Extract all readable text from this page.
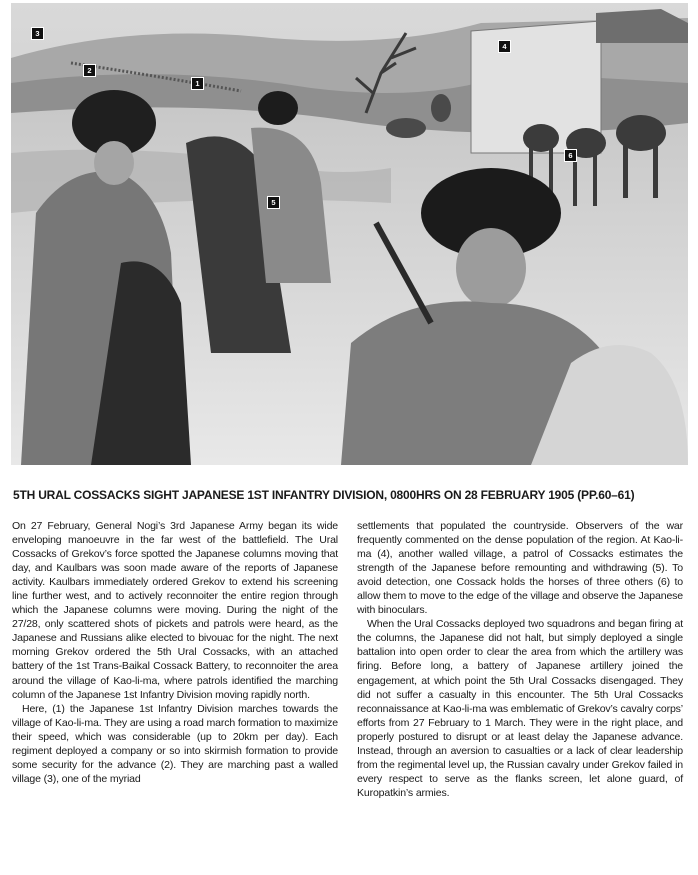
3
2
1
4
5
6
5TH URAL COSSACKS SIGHT JAPANESE 1ST INFANTRY DIVISION, 0800HRS ON 28 FEBRUARY 1905 (PP.60–61)

On 27 February, General Nogi’s 3rd Japanese Army began its wide enveloping manoeuvre in the far west of the battlefield. The Ural Cossacks of Grekov’s force spotted the Japanese columns moving that day, and Kaulbars was soon made aware of the reports of Japanese activity. Kaulbars immediately ordered Grekov to extend his screening line further west, and to actively reconnoiter the entire region through which the Japanese columns were moving. During the night of the 27/28, only scattered shots of pickets and patrols were heard, as the Japanese and Russians alike elected to bivouac for the night. The next morning Grekov ordered the 5th Ural Cossacks, with an attached battery of the 1st Trans-Baikal Cossack Battery, to reconnoiter the area around the village of Kao-li-ma, where patrols identified the marching column of the Japanese 1st Infantry Division moving rapidly north.

Here, (1) the Japanese 1st Infantry Division marches towards the village of Kao-li-ma. They are using a road march formation to maximize their speed, which was considerable (up to 20km per day). Each regiment deployed a company or so into skirmish formation to provide some security for the advance (2). They are marching past a walled village (3), one of the myriad

settlements that populated the countryside. Observers of the war frequently commented on the dense population of the region. At Kao-li-ma (4), another walled village, a patrol of Cossacks estimates the strength of the Japanese before remounting and withdrawing (5). To avoid detection, one Cossack holds the horses of three others (6) to allow them to move to the edge of the village and observe the Japanese with binoculars.

When the Ural Cossacks deployed two squadrons and began firing at the columns, the Japanese did not halt, but simply deployed a single battalion into open order to clear the area from which the artillery was firing. Before long, a battery of Japanese artillery joined the engagement, at which point the 5th Ural Cossacks disengaged. They did not suffer a casualty in this encounter. The 5th Ural Cossacks reconnaissance at Kao-li-ma was emblematic of Grekov’s cavalry corps’ efforts from 27 February to 1 March. They were in the right place, and properly postured to disrupt or at least delay the Japanese advance. Instead, through an aversion to casualties or a lack of clear leadership from the regimental level up, the Russian cavalry under Grekov failed in every respect to serve as the flanks screen, let alone guard, of Kuropatkin’s armies.
